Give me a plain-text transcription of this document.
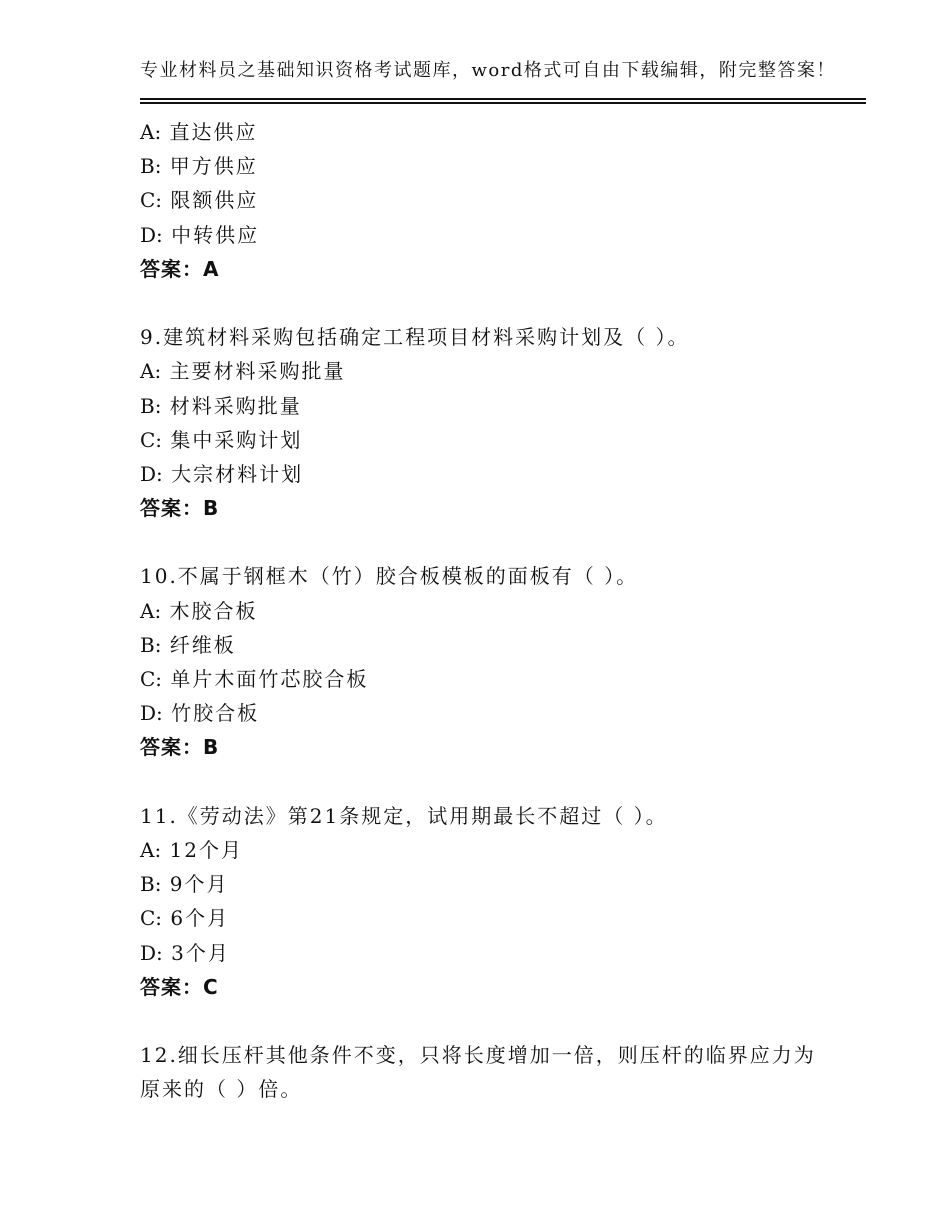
专业材料员之基础知识资格考试题库，word格式可自由下载编辑，附完整答案！
A: 直达供应
B: 甲方供应
C: 限额供应
D: 中转供应
答案：A
9.建筑材料采购包括确定工程项目材料采购计划及（ ）。
A: 主要材料采购批量
B: 材料采购批量
C: 集中采购计划
D: 大宗材料计划
答案：B
10.不属于钢框木（竹）胶合板模板的面板有（ ）。
A: 木胶合板
B: 纤维板
C: 单片木面竹芯胶合板
D: 竹胶合板
答案：B
11.《劳动法》第21条规定，试用期最长不超过（ ）。
A: 12个月
B: 9个月
C: 6个月
D: 3个月
答案：C
12.细长压杆其他条件不变，只将长度增加一倍，则压杆的临界应力为
原来的（ ）倍。
